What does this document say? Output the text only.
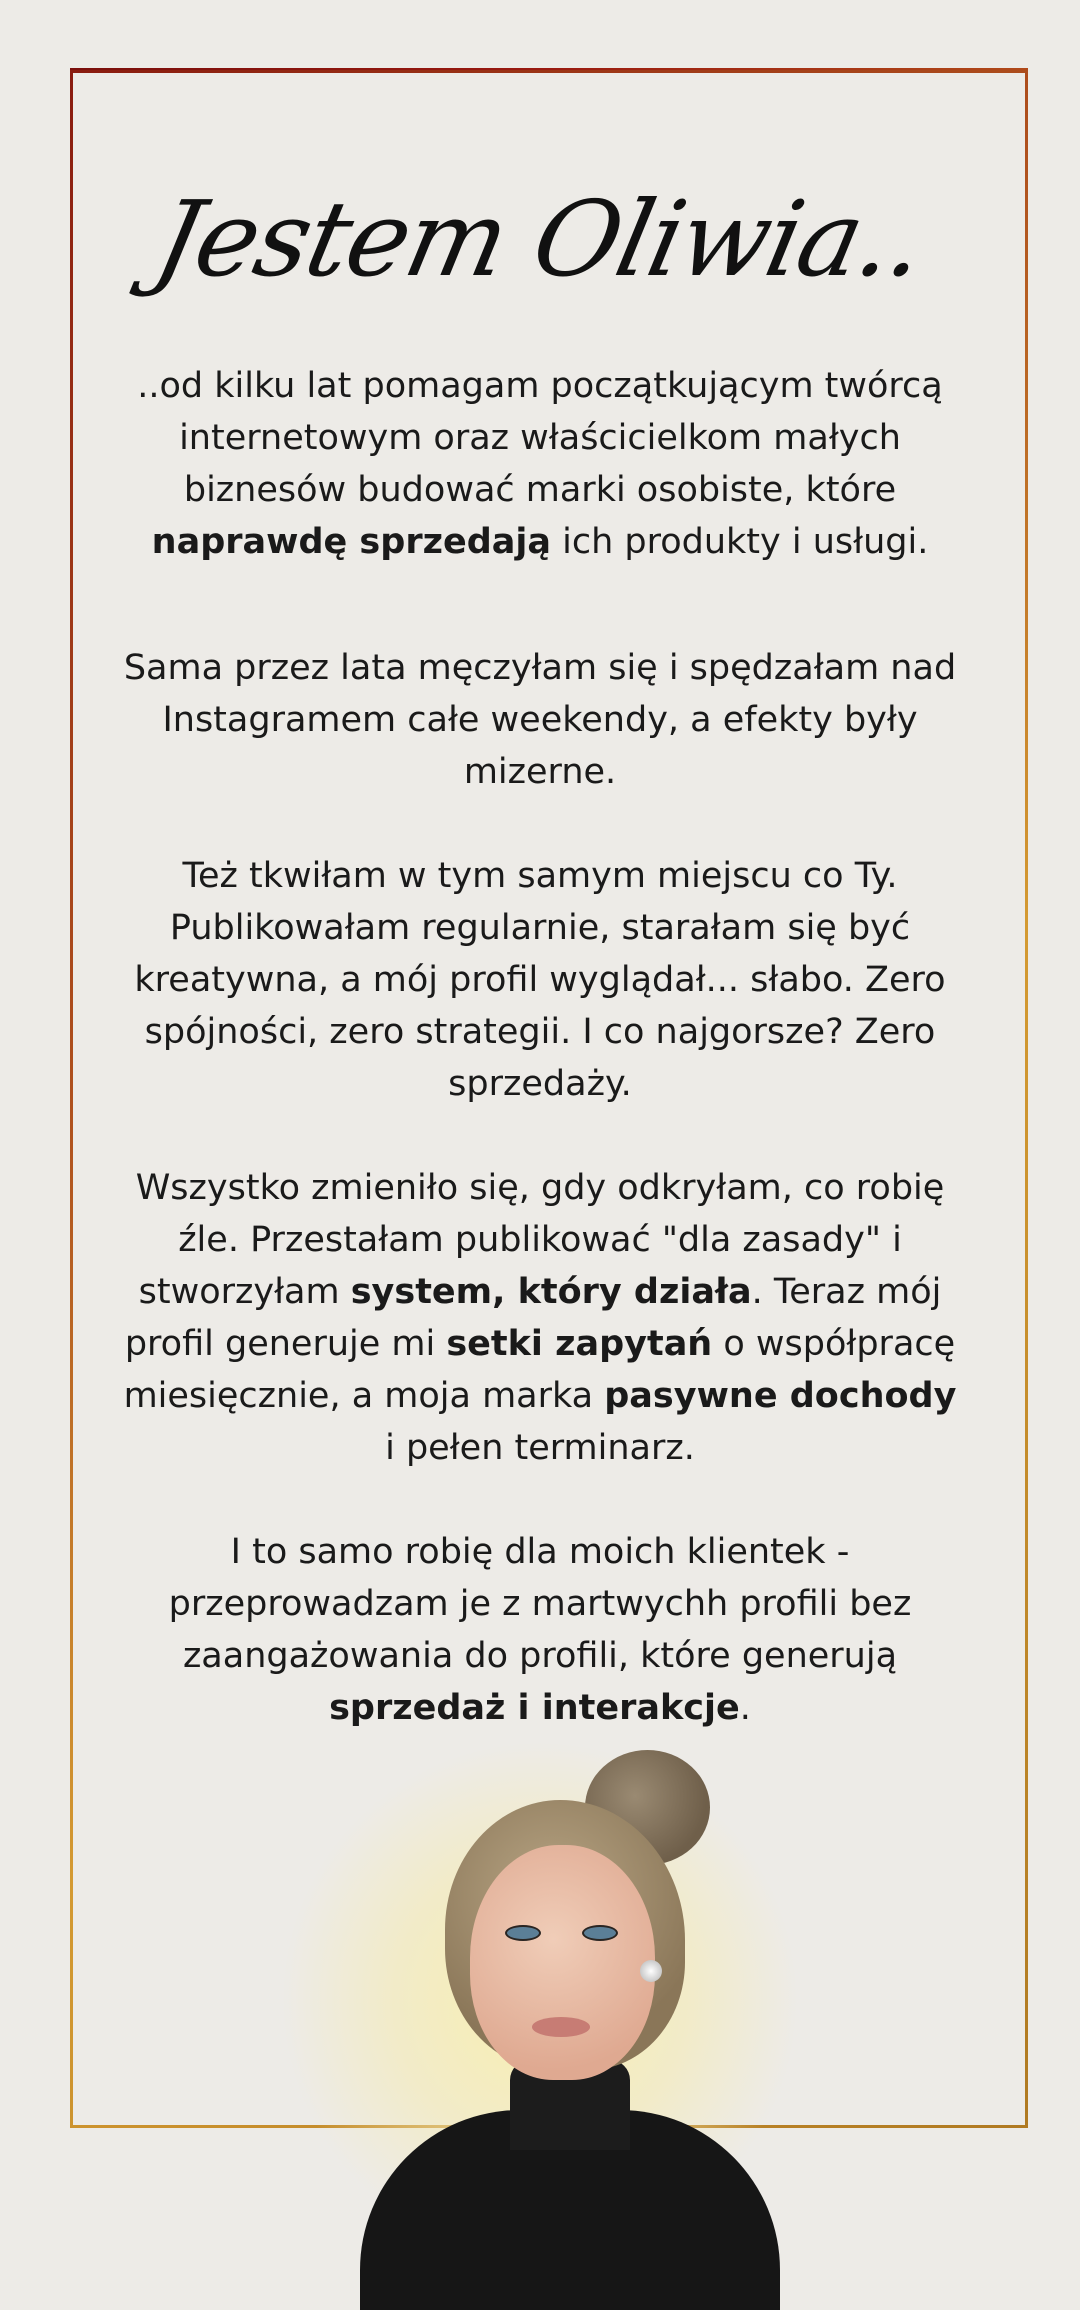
Jestem Oliwia..

..od kilku lat pomagam początkującym twórcą internetowym oraz właścicielkom małych biznesów budować marki osobiste, które naprawdę sprzedają ich produkty i usługi.

Sama przez lata męczyłam się i spędzałam nad Instagramem całe weekendy, a efekty były mizerne.

Też tkwiłam w tym samym miejscu co Ty. Publikowałam regularnie, starałam się być kreatywna, a mój profil wyglądał... słabo. Zero spójności, zero strategii. I co najgorsze? Zero sprzedaży.

Wszystko zmieniło się, gdy odkryłam, co robię źle. Przestałam publikować "dla zasady" i stworzyłam system, który działa. Teraz mój profil generuje mi setki zapytań o współpracę miesięcznie, a moja marka pasywne dochody i pełen terminarz.

I to samo robię dla moich klientek - przeprowadzam je z martwychh profili bez zaangażowania do profili, które generują sprzedaż i interakcje.
